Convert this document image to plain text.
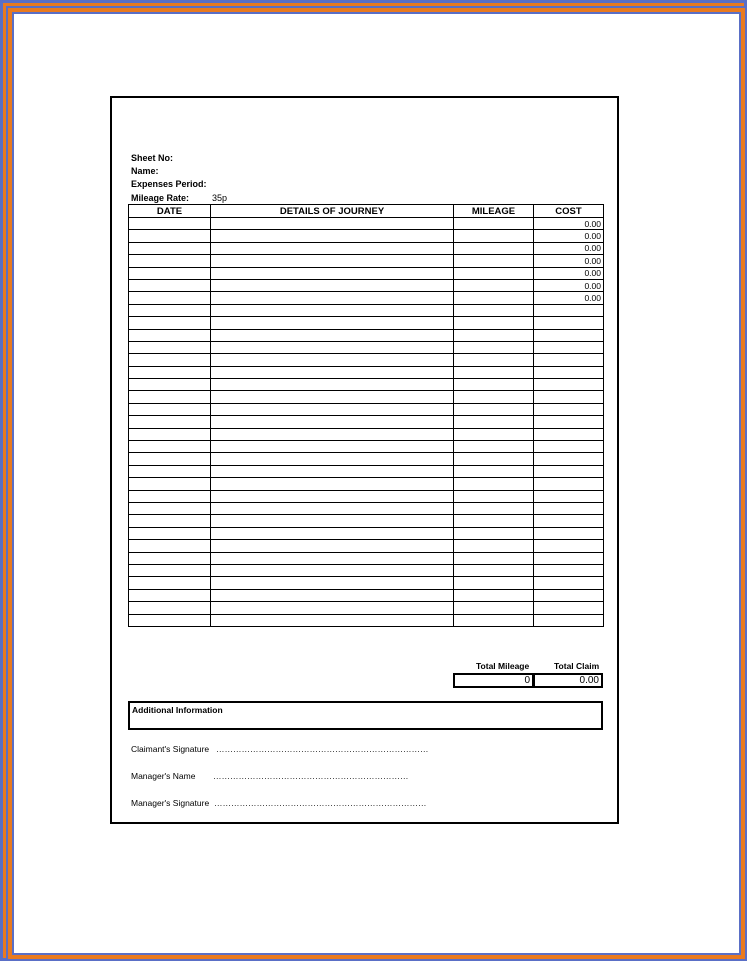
Sheet No:
Name:
Expenses Period:
Mileage Rate:	35p
DATE	DETAILS OF JOURNEY	MILEAGE	COST
			0.00
			0.00
			0.00
			0.00
			0.00
			0.00
			0.00

Total Mileage	Total Claim
0	0.00
Additional Information
Claimant's Signature …………………………………………………………………
Manager's Name ……………………………………………………………
Manager's Signature …………………………………………………………………
